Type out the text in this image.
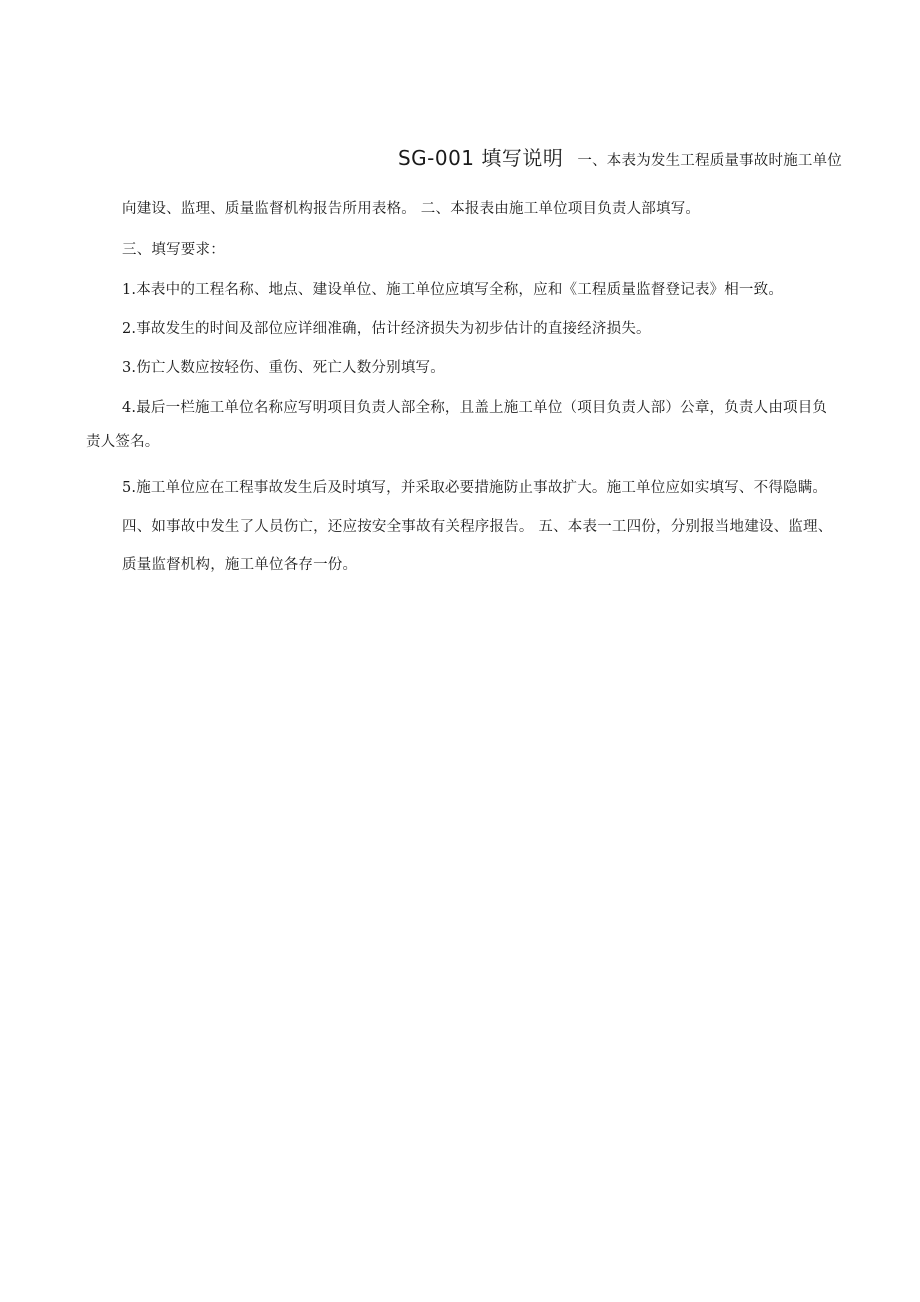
SG-001 填写说明 一、本表为发生工程质量事故时施工单位
向建设、监理、质量监督机构报告所用表格。 二、本报表由施工单位项目负责人部填写。
三、填写要求：
1.本表中的工程名称、地点、建设单位、施工单位应填写全称，应和《工程质量监督登记表》相一致。
2.事故发生的时间及部位应详细准确，估计经济损失为初步估计的直接经济损失。
3.伤亡人数应按轻伤、重伤、死亡人数分别填写。
4.最后一栏施工单位名称应写明项目负责人部全称，且盖上施工单位（项目负责人部）公章，负责人由项目负
责人签名。
5.施工单位应在工程事故发生后及时填写，并采取必要措施防止事故扩大。施工单位应如实填写、不得隐瞒。
四、如事故中发生了人员伤亡，还应按安全事故有关程序报告。 五、本表一工四份，分别报当地建设、监理、
质量监督机构，施工单位各存一份。
